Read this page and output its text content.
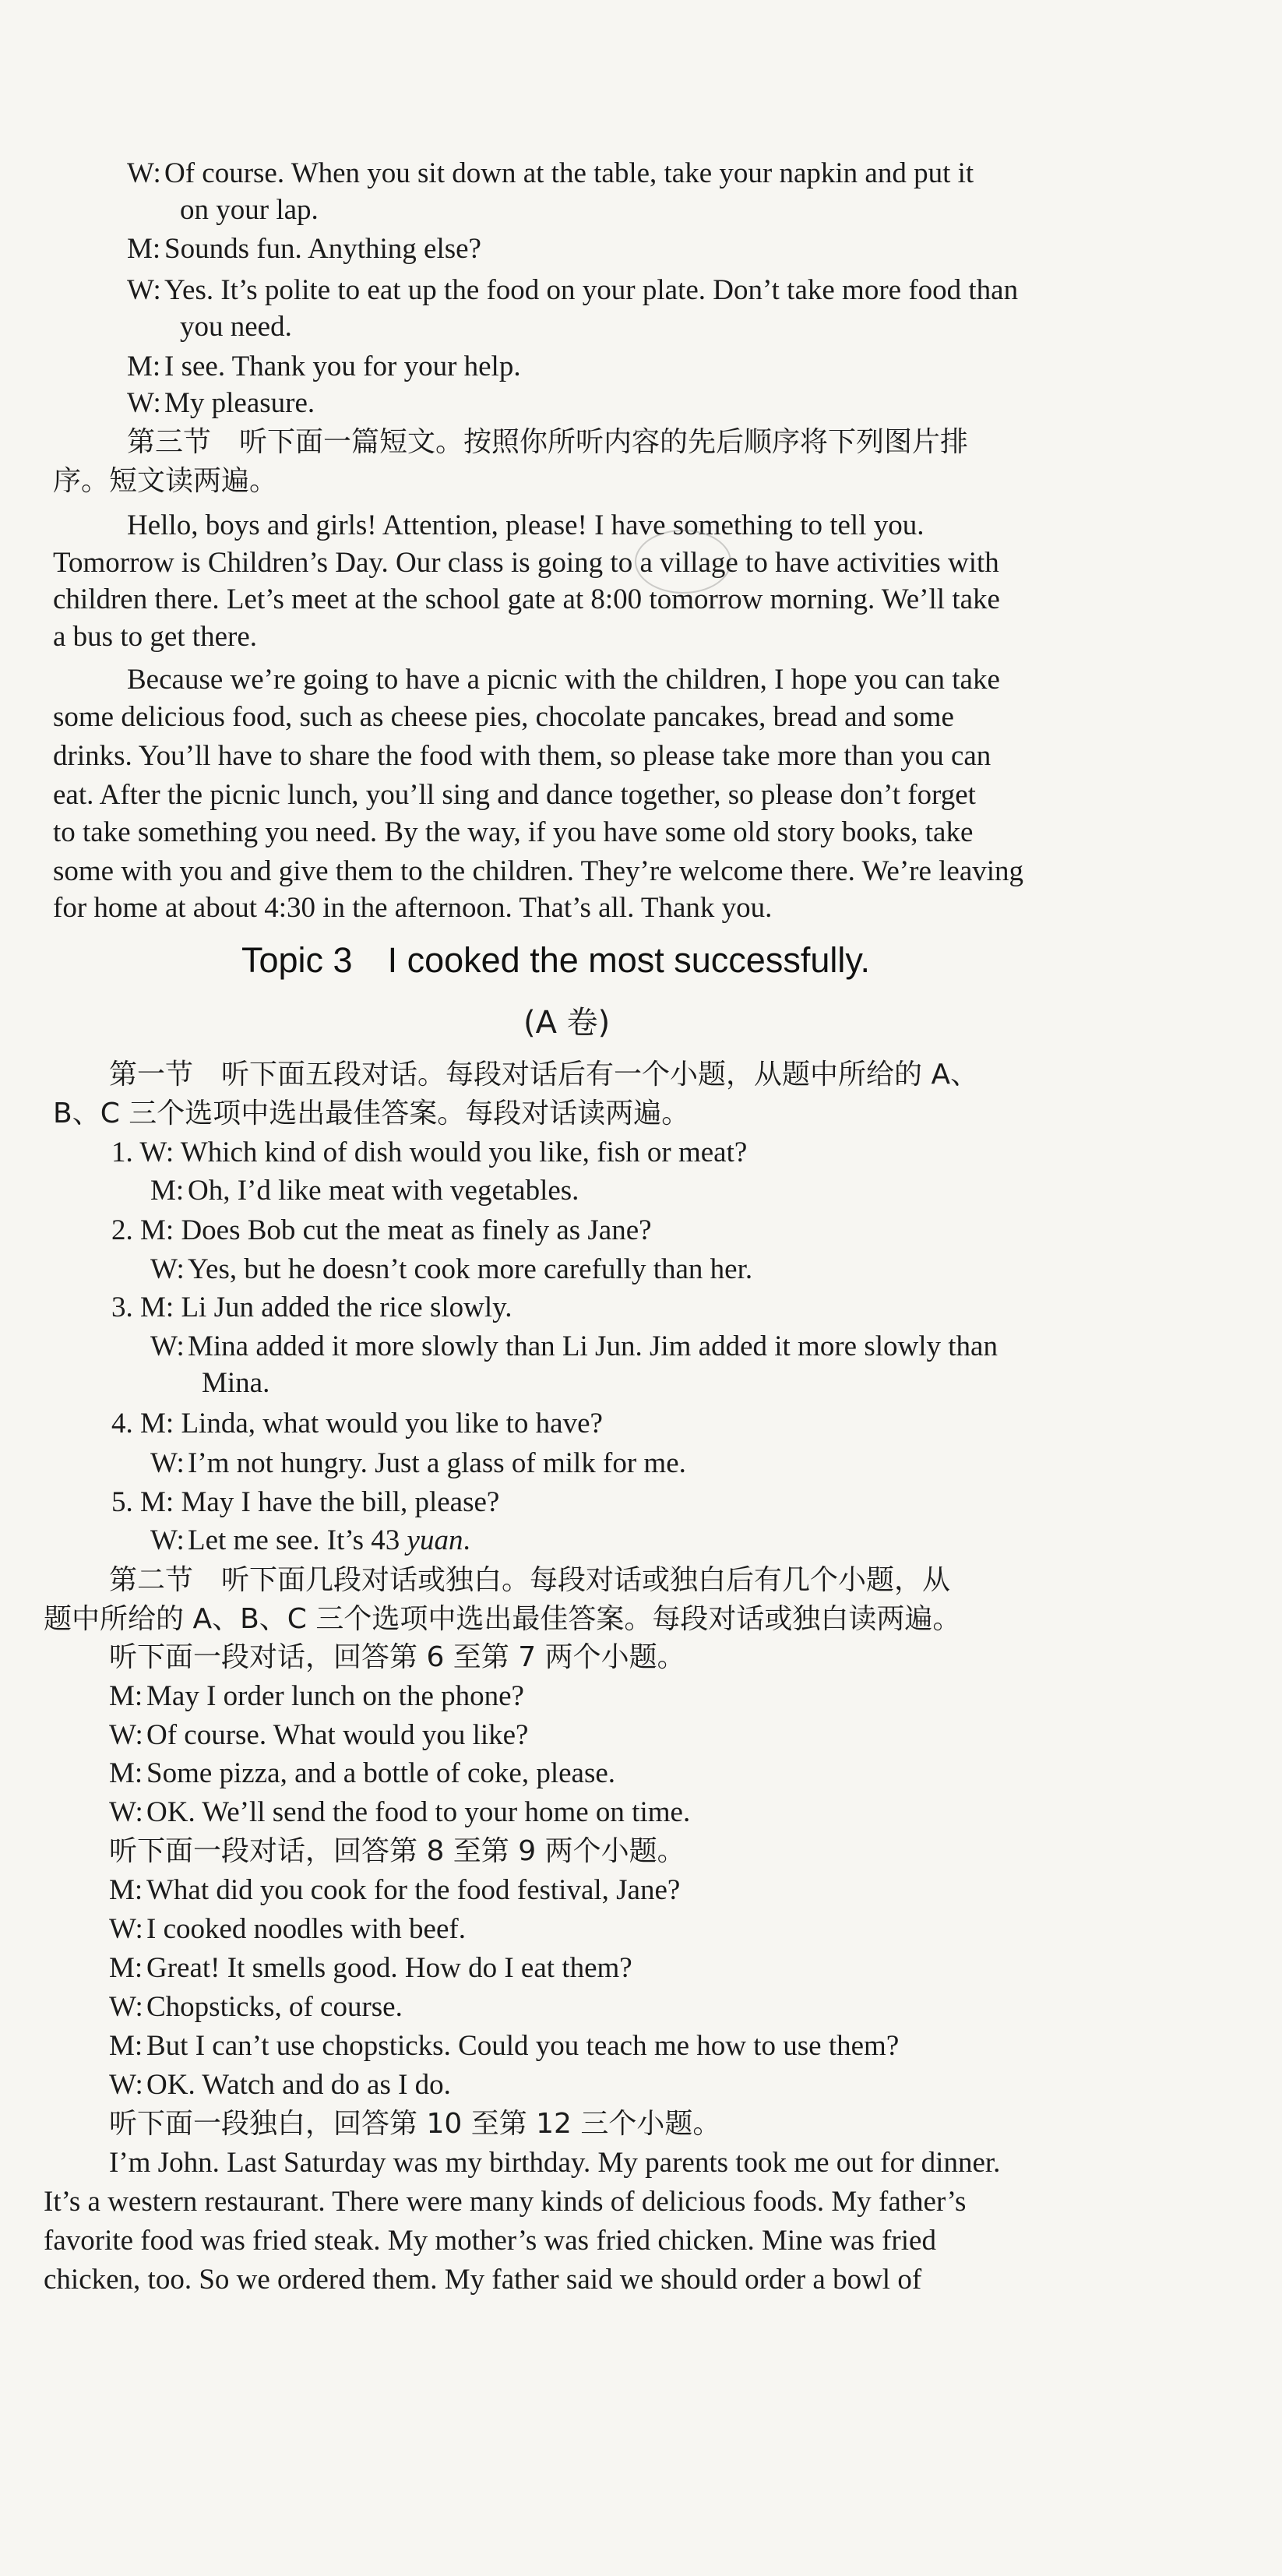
W: Of course. When you sit down at the table, take your napkin and put it
on your lap.
M: Sounds fun. Anything else?
W: Yes. It’s polite to eat up the food on your plate. Don’t take more food than
you need.
M: I see. Thank you for your help.
W: My pleasure.
第三节　听下面一篇短文。按照你所听内容的先后顺序将下列图片排
序。短文读两遍。
Hello, boys and girls! Attention, please! I have something to tell you.
Tomorrow is Children’s Day. Our class is going to a village to have activities with
children there. Let’s meet at the school gate at 8:00 tomorrow morning. We’ll take
a bus to get there.
Because we’re going to have a picnic with the children, I hope you can take
some delicious food, such as cheese pies, chocolate pancakes, bread and some
drinks. You’ll have to share the food with them, so please take more than you can
eat. After the picnic lunch, you’ll sing and dance together, so please don’t forget
to take something you need. By the way, if you have some old story books, take
some with you and give them to the children. They’re welcome there. We’re leaving
for home at about 4:30 in the afternoon. That’s all. Thank you.
Topic 3　I cooked the most successfully.
(A 卷)
第一节　听下面五段对话。每段对话后有一个小题，从题中所给的 A、
B、C 三个选项中选出最佳答案。每段对话读两遍。
1. W: Which kind of dish would you like, fish or meat?
M: Oh, I’d like meat with vegetables.
2. M: Does Bob cut the meat as finely as Jane?
W: Yes, but he doesn’t cook more carefully than her.
3. M: Li Jun added the rice slowly.
W: Mina added it more slowly than Li Jun. Jim added it more slowly than
Mina.
4. M: Linda, what would you like to have?
W: I’m not hungry. Just a glass of milk for me.
5. M: May I have the bill, please?
W: Let me see. It’s 43 yuan.
第二节　听下面几段对话或独白。每段对话或独白后有几个小题，从
题中所给的 A、B、C 三个选项中选出最佳答案。每段对话或独白读两遍。
听下面一段对话，回答第 6 至第 7 两个小题。
M: May I order lunch on the phone?
W: Of course. What would you like?
M: Some pizza, and a bottle of coke, please.
W: OK. We’ll send the food to your home on time.
听下面一段对话，回答第 8 至第 9 两个小题。
M: What did you cook for the food festival, Jane?
W: I cooked noodles with beef.
M: Great! It smells good. How do I eat them?
W: Chopsticks, of course.
M: But I can’t use chopsticks. Could you teach me how to use them?
W: OK. Watch and do as I do.
听下面一段独白，回答第 10 至第 12 三个小题。
I’m John. Last Saturday was my birthday. My parents took me out for dinner.
It’s a western restaurant. There were many kinds of delicious foods. My father’s
favorite food was fried steak. My mother’s was fried chicken. Mine was fried
chicken, too. So we ordered them. My father said we should order a bowl of
